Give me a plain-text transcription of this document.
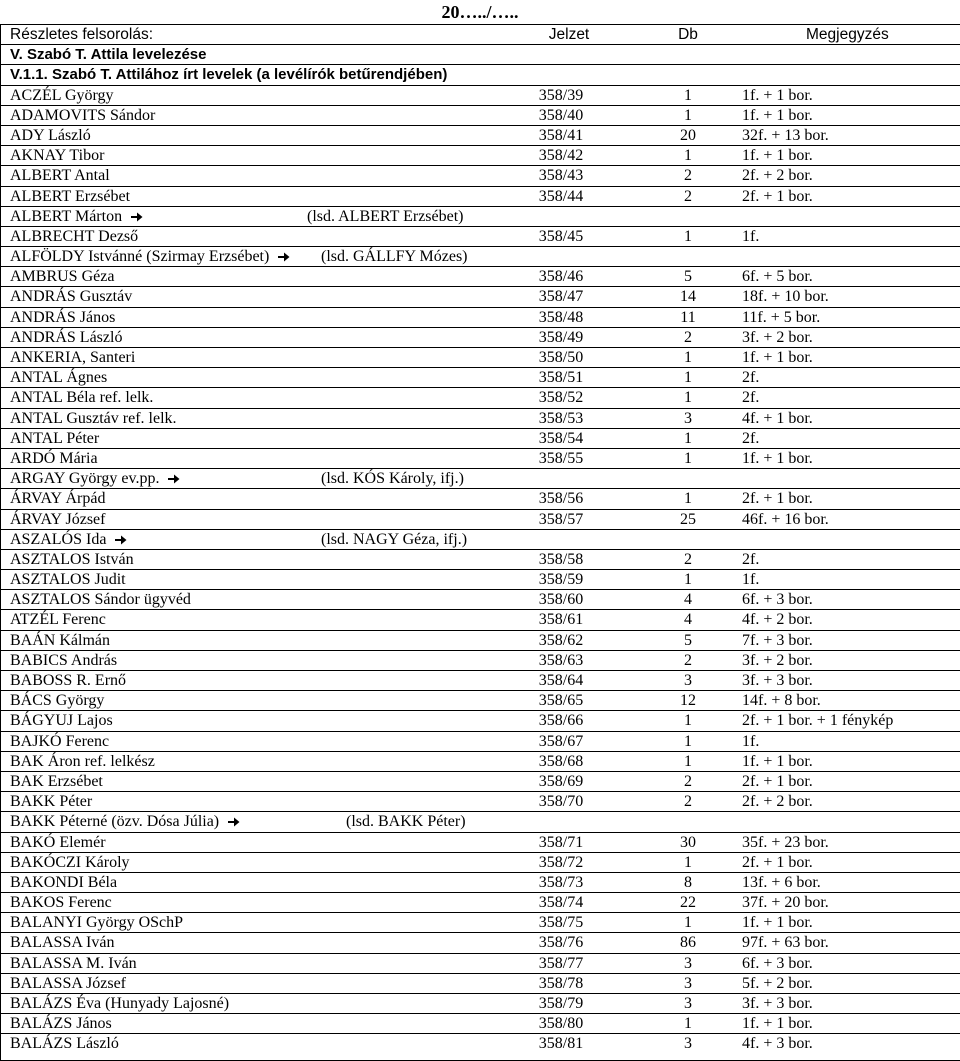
20…../…..
Részletes felsorolás:	Jelzet	Db	Megjegyzés
V. Szabó T. Attila levelezése
V.1.1. Szabó T. Attilához írt levelek (a levélírók betűrendjében)
ACZÉL György	358/39	1	1f. + 1 bor.
ADAMOVITS Sándor	358/40	1	1f. + 1 bor.
ADY László	358/41	20	32f. + 13 bor.
AKNAY Tibor	358/42	1	1f. + 1 bor.
ALBERT Antal	358/43	2	2f. + 2 bor.
ALBERT Erzsébet	358/44	2	2f. + 1 bor.
ALBERT Márton	(lsd. ALBERT Erzsébet)
ALBRECHT Dezső	358/45	1	1f.
ALFÖLDY Istvánné (Szirmay Erzsébet)	(lsd. GÁLLFY Mózes)
AMBRUS Géza	358/46	5	6f. + 5 bor.
ANDRÁS Gusztáv	358/47	14	18f. + 10 bor.
ANDRÁS János	358/48	11	11f. + 5 bor.
ANDRÁS László	358/49	2	3f. + 2 bor.
ANKERIA, Santeri	358/50	1	1f. + 1 bor.
ANTAL Ágnes	358/51	1	2f.
ANTAL Béla ref. lelk.	358/52	1	2f.
ANTAL Gusztáv ref. lelk.	358/53	3	4f. + 1 bor.
ANTAL Péter	358/54	1	2f.
ARDÓ Mária	358/55	1	1f. + 1 bor.
ARGAY György ev.pp.	(lsd. KÓS Károly, ifj.)
ÁRVAY Árpád	358/56	1	2f. + 1 bor.
ÁRVAY József	358/57	25	46f. + 16 bor.
ASZALÓS Ida	(lsd. NAGY Géza, ifj.)
ASZTALOS István	358/58	2	2f.
ASZTALOS Judit	358/59	1	1f.
ASZTALOS Sándor ügyvéd	358/60	4	6f. + 3 bor.
ATZÉL Ferenc	358/61	4	4f. + 2 bor.
BAÁN Kálmán	358/62	5	7f. + 3 bor.
BABICS András	358/63	2	3f. + 2 bor.
BABOSS R. Ernő	358/64	3	3f. + 3 bor.
BÁCS György	358/65	12	14f. + 8 bor.
BÁGYUJ Lajos	358/66	1	2f. + 1 bor. + 1 fénykép
BAJKÓ Ferenc	358/67	1	1f.
BAK Áron ref. lelkész	358/68	1	1f. + 1 bor.
BAK Erzsébet	358/69	2	2f. + 1 bor.
BAKK Péter	358/70	2	2f. + 2 bor.
BAKK Péterné (özv. Dósa Júlia)	(lsd. BAKK Péter)
BAKÓ Elemér	358/71	30	35f. + 23 bor.
BAKÓCZI Károly	358/72	1	2f. + 1 bor.
BAKONDI Béla	358/73	8	13f. + 6 bor.
BAKOS Ferenc	358/74	22	37f. + 20 bor.
BALANYI György OSchP	358/75	1	1f. + 1 bor.
BALASSA Iván	358/76	86	97f. + 63 bor.
BALASSA M. Iván	358/77	3	6f. + 3 bor.
BALASSA József	358/78	3	5f. + 2 bor.
BALÁZS Éva (Hunyady Lajosné)	358/79	3	3f. + 3 bor.
BALÁZS János	358/80	1	1f. + 1 bor.
BALÁZS László	358/81	3	4f. + 3 bor.
